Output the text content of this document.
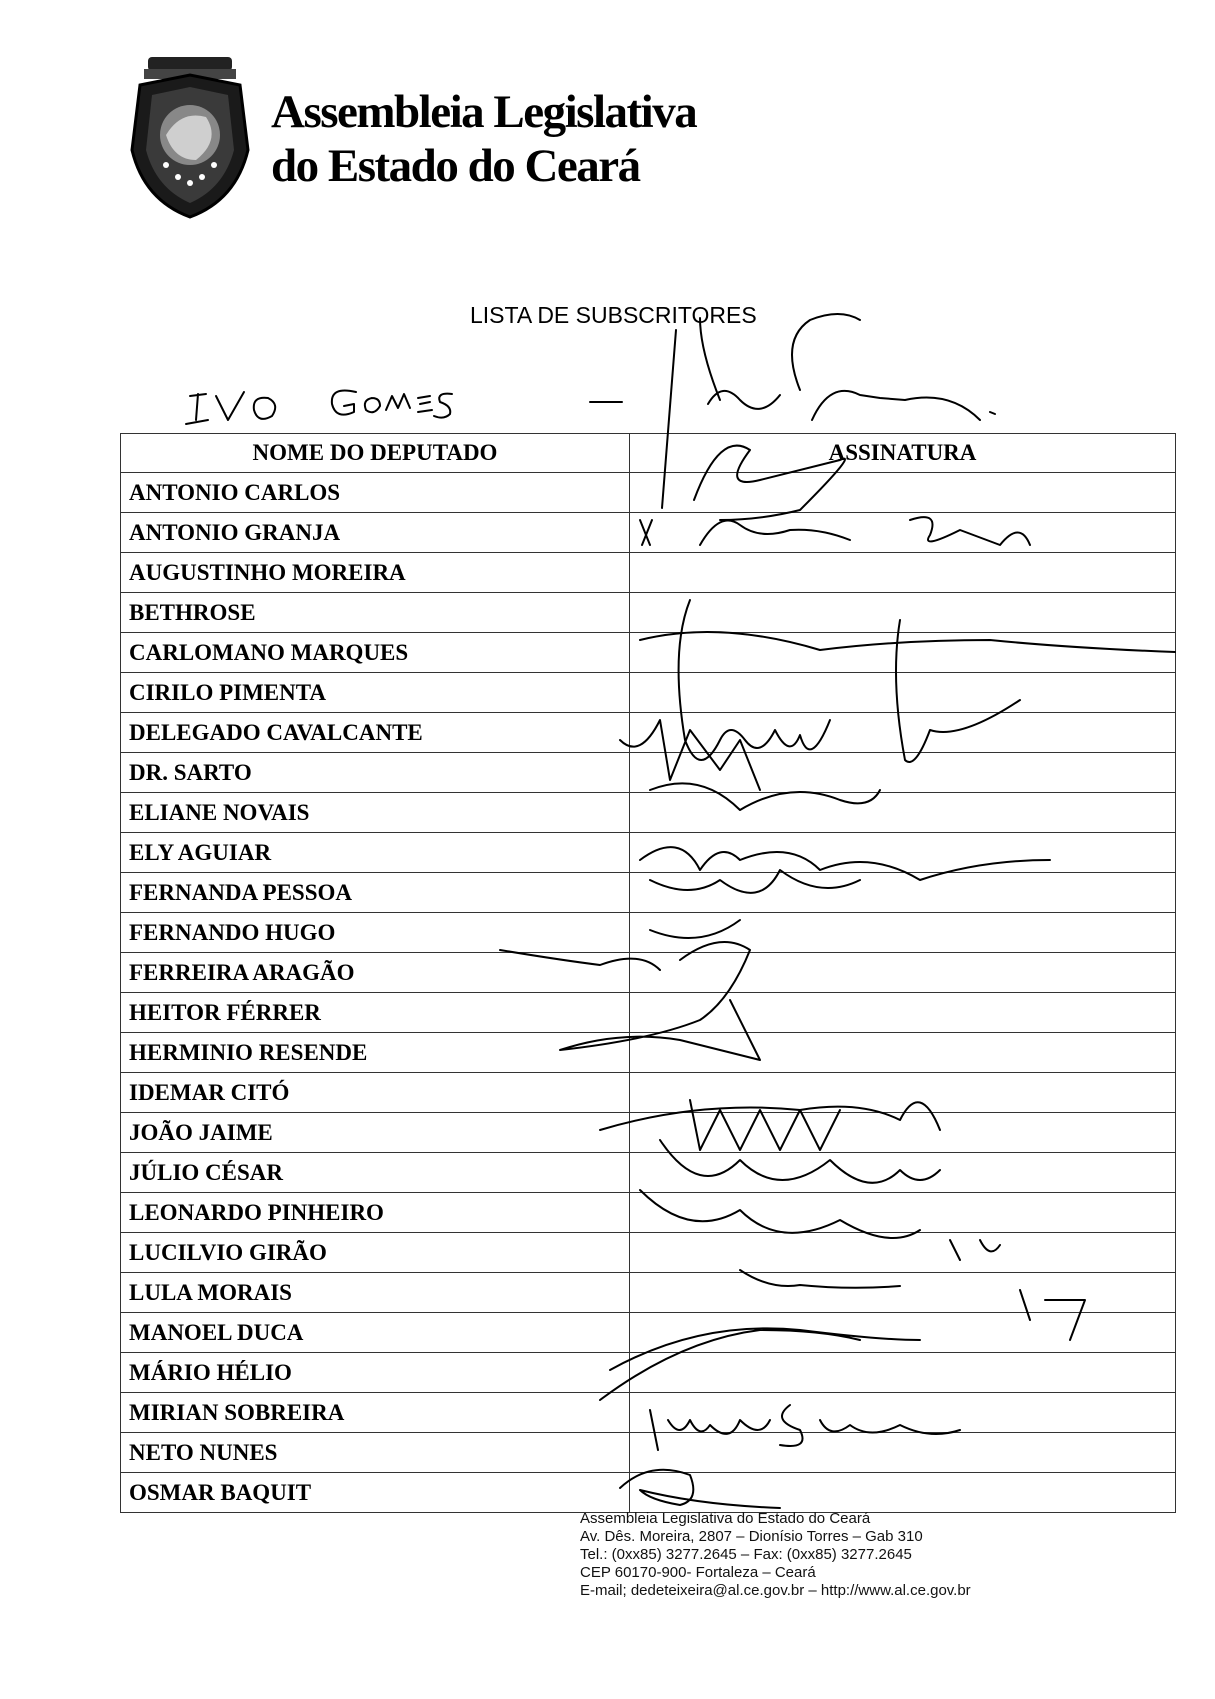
Assembleia Legislativa
do Estado do Ceará
LISTA DE SUBSCRITORES
NOME DO DEPUTADO	ASSINATURA
ANTONIO CARLOS	
ANTONIO GRANJA	
AUGUSTINHO MOREIRA	
BETHROSE	
CARLOMANO MARQUES	
CIRILO PIMENTA	
DELEGADO CAVALCANTE	
DR. SARTO	
ELIANE NOVAIS	
ELY AGUIAR	
FERNANDA PESSOA	
FERNANDO HUGO	
FERREIRA ARAGÃO	
HEITOR FÉRRER	
HERMINIO RESENDE	
IDEMAR CITÓ	
JOÃO JAIME	
JÚLIO CÉSAR	
LEONARDO PINHEIRO	
LUCILVIO GIRÃO	
LULA MORAIS	
MANOEL DUCA	
MÁRIO HÉLIO	
MIRIAN SOBREIRA	
NETO NUNES	
OSMAR BAQUIT	
Assembleia Legislativa do Estado do Ceará
Av. Dês. Moreira, 2807 – Dionísio Torres – Gab 310
Tel.: (0xx85) 3277.2645 – Fax: (0xx85) 3277.2645
CEP 60170-900- Fortaleza – Ceará
E-mail; dedeteixeira@al.ce.gov.br – http://www.al.ce.gov.br
